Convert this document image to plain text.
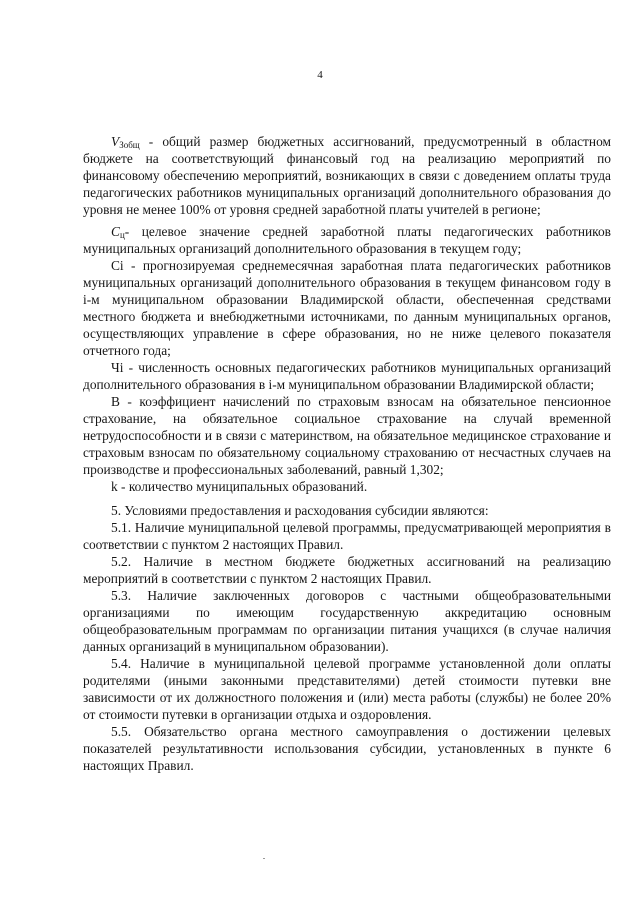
4

$V_{Зобщ}$ - общий размер бюджетных ассигнований, предусмотренный в областном бюджете на соответствующий финансовый год на реализацию мероприятий по финансовому обеспечению мероприятий, возникающих в связи с доведением оплаты труда педагогических работников муниципальных организаций дополнительного образования до уровня не менее 100% от уровня средней заработной платы учителей в регионе;

$С_ц-$ целевое значение средней заработной платы педагогических работников муниципальных организаций дополнительного образования в текущем году;

Сi - прогнозируемая среднемесячная заработная плата педагогических работников муниципальных организаций дополнительного образования в текущем финансовом году в i-м муниципальном образовании Владимирской области, обеспеченная средствами местного бюджета и внебюджетными источниками, по данным муниципальных органов, осуществляющих управление в сфере образования, но не ниже целевого показателя отчетного года;

Чi - численность основных педагогических работников муниципальных организаций дополнительного образования в i-м муниципальном образовании Владимирской области;

В - коэффициент начислений по страховым взносам на обязательное пенсионное страхование, на обязательное социальное страхование на случай временной нетрудоспособности и в связи с материнством, на обязательное медицинское страхование и страховым взносам по обязательному социальному страхованию от несчастных случаев на производстве и профессиональных заболеваний, равный 1,302;

k - количество муниципальных образований.

5. Условиями предоставления и расходования субсидии являются:

5.1. Наличие муниципальной целевой программы, предусматривающей мероприятия в соответствии с пунктом 2 настоящих Правил.

5.2. Наличие в местном бюджете бюджетных ассигнований на реализацию мероприятий в соответствии с пунктом 2 настоящих Правил.

5.3. Наличие заключенных договоров с частными общеобразовательными организациями по имеющим государственную аккредитацию основным общеобразовательным программам по организации питания учащихся (в случае наличия данных организаций в муниципальном образовании).

5.4. Наличие в муниципальной целевой программе установленной доли оплаты родителями (иными законными представителями) детей стоимости путевки вне зависимости от их должностного положения и (или) места работы (службы) не более 20% от стоимости путевки в организации отдыха и оздоровления.

5.5. Обязательство органа местного самоуправления о достижении целевых показателей результативности использования субсидии, установленных в пункте 6 настоящих Правил.
